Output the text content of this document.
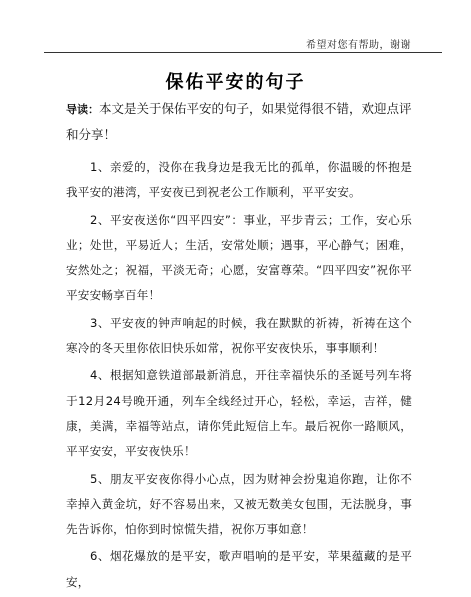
希望对您有帮助，谢谢
保佑平安的句子

导读：本文是关于保佑平安的句子，如果觉得很不错，欢迎点评和分享！

1、亲爱的，没你在我身边是我无比的孤单，你温暖的怀抱是我平安的港湾，平安夜已到祝老公工作顺利，平平安安。

2、平安夜送你“四平四安”：事业，平步青云；工作，安心乐业；处世，平易近人；生活，安常处顺；遇事，平心静气；困难，安然处之；祝福，平淡无奇；心愿，安富尊荣。“四平四安”祝你平平安安畅享百年！

3、平安夜的钟声响起的时候，我在默默的祈祷，祈祷在这个寒冷的冬天里你依旧快乐如常，祝你平安夜快乐，事事顺利！

4、根据知意铁道部最新消息，开往幸福快乐的圣诞号列车将于12月24号晚开通，列车全线经过开心，轻松，幸运，吉祥，健康，美满，幸福等站点，请你凭此短信上车。最后祝你一路顺风，平平安安，平安夜快乐！

5、朋友平安夜你得小心点，因为财神会扮鬼追你跑，让你不幸掉入黄金坑，好不容易出来，又被无数美女包围，无法脱身，事先告诉你，怕你到时惊慌失措，祝你万事如意！

6、烟花爆放的是平安，歌声唱响的是平安，苹果蕴藏的是平安，
